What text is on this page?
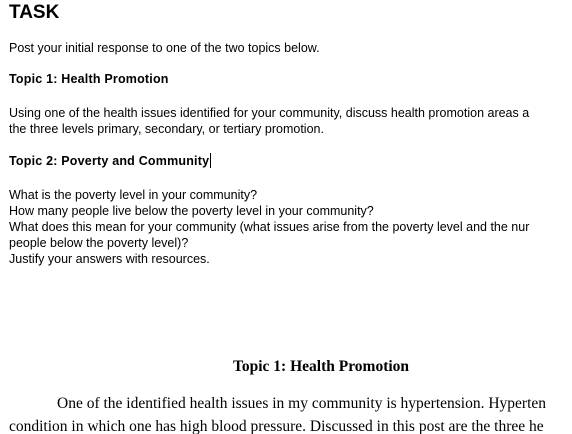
TASK
Post your initial response to one of the two topics below.
Topic 1: Health Promotion
Using one of the health issues identified for your community, discuss health promotion areas a
the three levels primary, secondary, or tertiary promotion.
Topic 2: Poverty and Community
What is the poverty level in your community?
How many people live below the poverty level in your community?
What does this mean for your community (what issues arise from the poverty level and the nur
people below the poverty level)?
Justify your answers with resources.
Topic 1: Health Promotion
One of the identified health issues in my community is hypertension. Hyperten
condition in which one has high blood pressure. Discussed in this post are the three he
